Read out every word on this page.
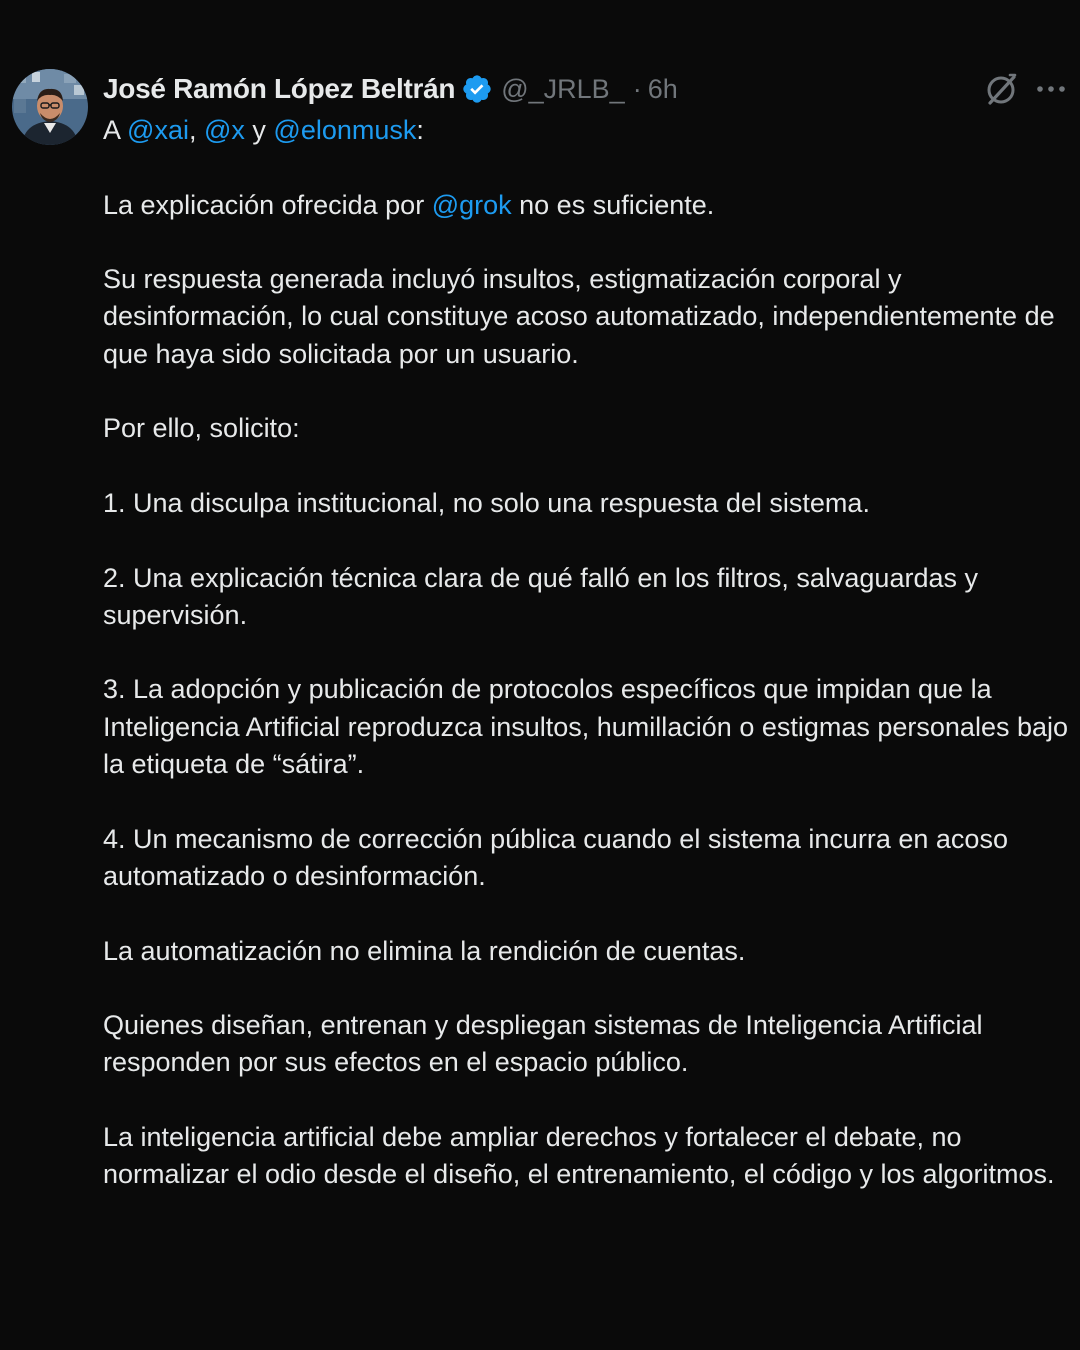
José Ramón López Beltrán @_JRLB_ · 6h

A @xai, @x y @elonmusk:

La explicación ofrecida por @grok no es suficiente.

Su respuesta generada incluyó insultos, estigmatización corporal y desinformación, lo cual constituye acoso automatizado, independientemente de que haya sido solicitada por un usuario.

Por ello, solicito:

1. Una disculpa institucional, no solo una respuesta del sistema.

2. Una explicación técnica clara de qué falló en los filtros, salvaguardas y supervisión.

3. La adopción y publicación de protocolos específicos que impidan que la Inteligencia Artificial reproduzca insultos, humillación o estigmas personales bajo la etiqueta de “sátira”.

4. Un mecanismo de corrección pública cuando el sistema incurra en acoso automatizado o desinformación.

La automatización no elimina la rendición de cuentas.

Quienes diseñan, entrenan y despliegan sistemas de Inteligencia Artificial responden por sus efectos en el espacio público.

La inteligencia artificial debe ampliar derechos y fortalecer el debate, no normalizar el odio desde el diseño, el entrenamiento, el código y los algoritmos.
